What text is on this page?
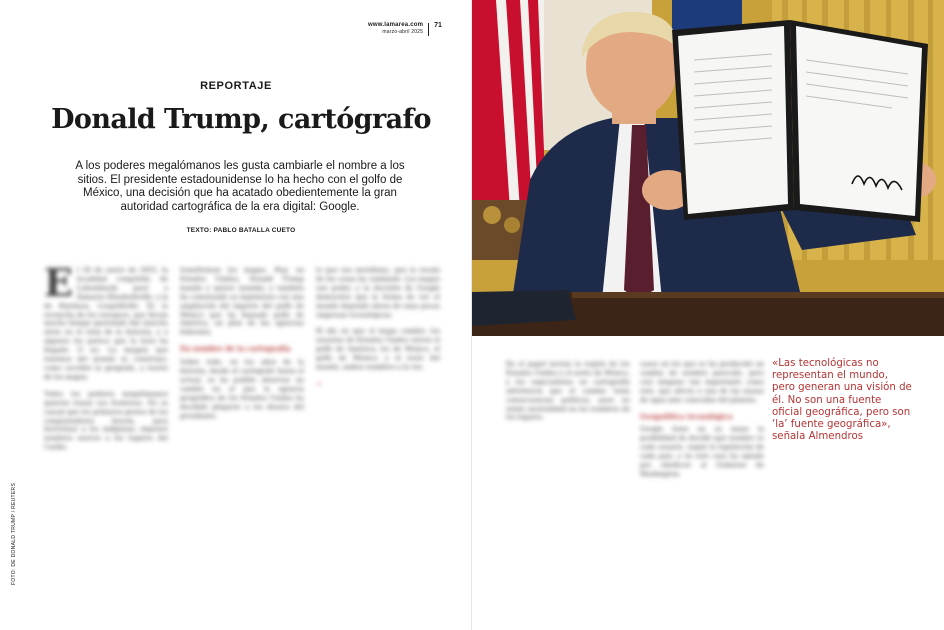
REPORTAJE
Donald Trump, cartógrafo
A los poderes megalómanos les gusta cambiarle el nombre a los sitios. El presidente estadounidense lo ha hecho con el golfo de México, una decisión que ha acatado obedientemente la gran autoridad cartográfica de la era digital: Google.
TEXTO: PABLO BATALLA CUETO
FOTO: DE DONALD TRUMP / REUTERS

El 20 de enero de 2025, la localidad congoleña de Lubumbashi pasó a llamarse Elisabethville, y la de Kinshasa, Leopoldville. Es la revancha de los europeos, que llevan mucho tiempo queriendo dar marcha atrás en el reloj de la historia, y a algunos les parece que la hora ha llegado. O no. La imagen que tenemos del mundo se construye, como escribió la geógrafa, a través de los mapas.

Todos los poderes megalómanos quieren trazar sus fronteras. No es casual que los primeros gestos de los conquistadores fueran, para horrorizar a los indígenas, imponer nombres nuevos a los lugares del Caribe.

transforman los mapas. Hoy, en Estados Unidos, Donald Trump manda y quiere mandar, y también ha comenzado su legislatura con una ampliación del imperio del golfo de México que ha llamado golfo de América, un plan de las agencias federales.

En nombre de la cartografía

Sobre todo, en los años de la historia, desde el cartógrafo hasta el actual, se ha podido observar un cambio en el que la agencia geográfica de los Estados Unidos ha decidido plegarse a los deseos del presidente.

lo que sea meridiano, que la escala de las cosas ha cambiado. Los mapas son poder, y la decisión de Google demuestra que la forma de ver el mundo depende ahora de unas pocas empresas tecnológicas.

El día en que el mapa cambió, los usuarios de Estados Unidos vieron el golfo de América; los de México, el golfo de México; y el resto del mundo, ambos nombres a la vez.

→
«Las tecnológicas no representan el mundo, pero generan una visión de él. No son una fuente oficial geográfica, pero son ‘la’ fuente geográfica», señala Almendros

En el papel incluía la región de los Estados Unidos y el norte de México, y los especialistas en cartografía advirtieron que el cambio tenía consecuencias políticas, pues no existe neutralidad en los nombres de los lugares.

casos en los que se ha producido un cambio de nombre parecido, pero casi ninguno tan importante como este, que afecta a una de las masas de agua más conocidas del planeta.

Geopolítica tecnológica

Google tiene en su mano la posibilidad de decidir qué nombre ve cada usuario, según la legislación de cada país, y en este caso ha optado por obedecer al Gobierno de Washington.

www.lamarea.com
marzo-abril 2025
71
